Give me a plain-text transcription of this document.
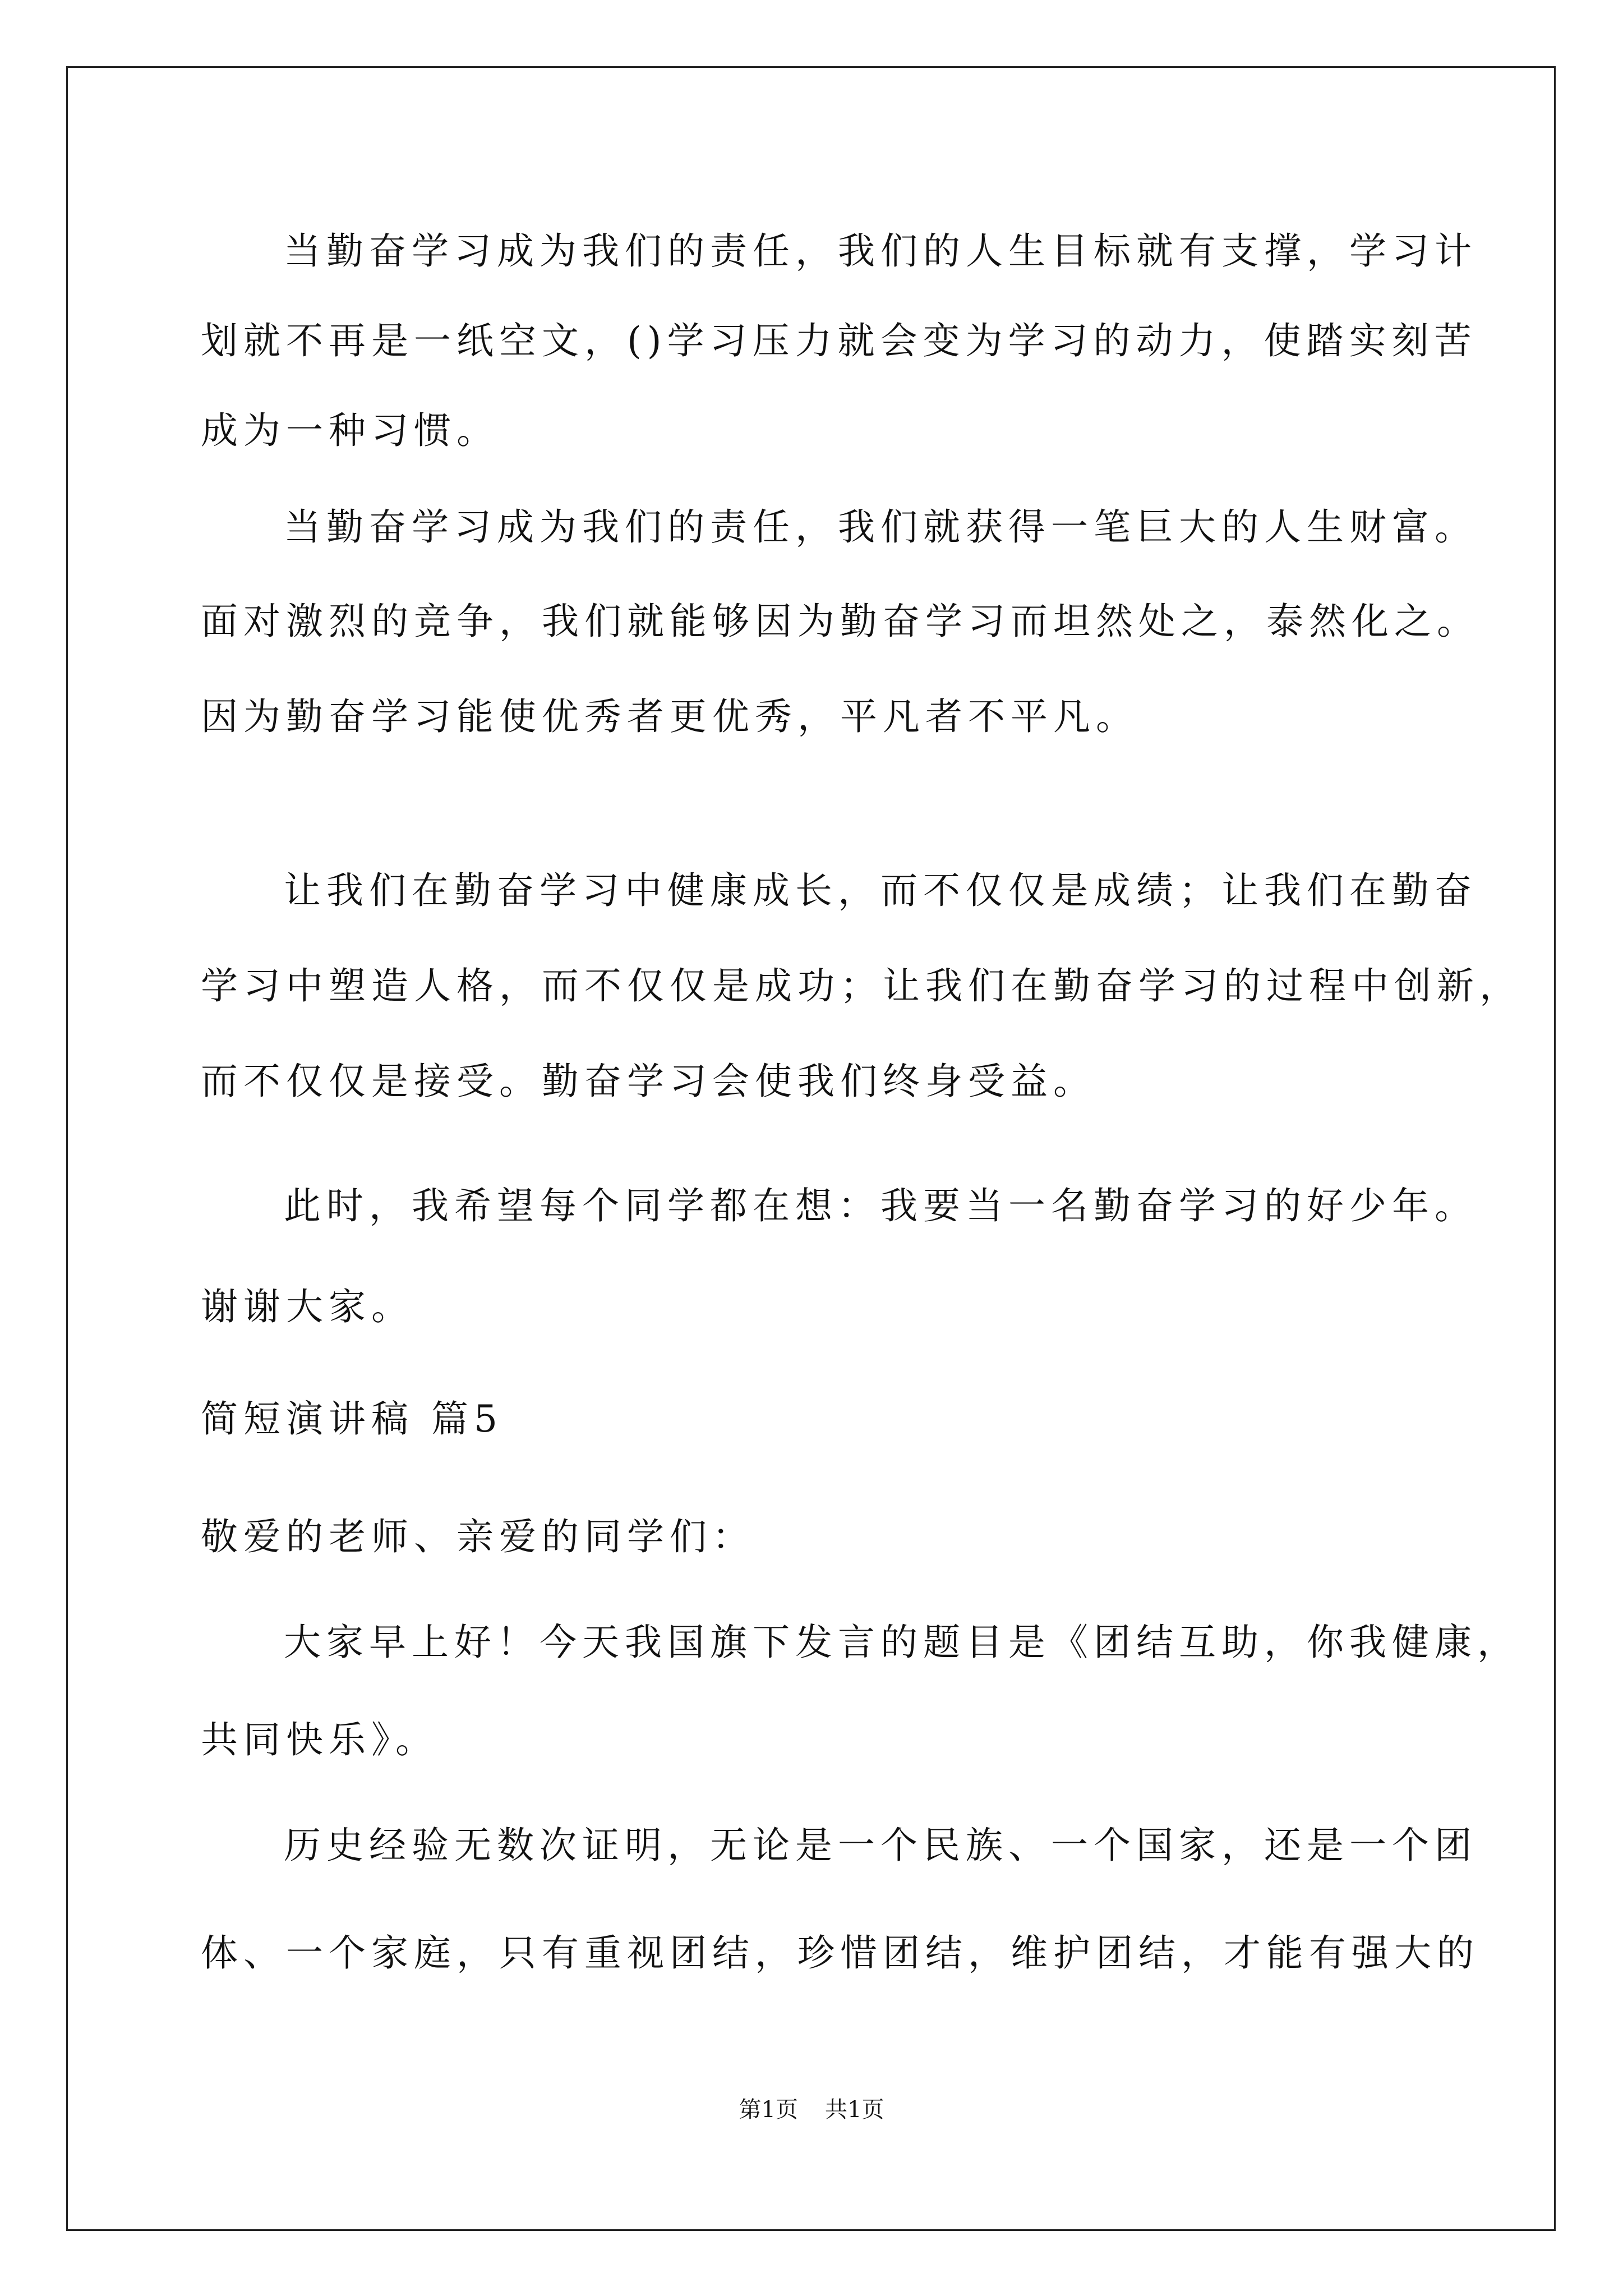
当勤奋学习成为我们的责任，我们的人生目标就有支撑，学习计
划就不再是一纸空文，()学习压力就会变为学习的动力，使踏实刻苦
成为一种习惯。
当勤奋学习成为我们的责任，我们就获得一笔巨大的人生财富。
面对激烈的竞争，我们就能够因为勤奋学习而坦然处之，泰然化之。
因为勤奋学习能使优秀者更优秀，平凡者不平凡。
让我们在勤奋学习中健康成长，而不仅仅是成绩；让我们在勤奋
学习中塑造人格，而不仅仅是成功；让我们在勤奋学习的过程中创新，
而不仅仅是接受。勤奋学习会使我们终身受益。
此时，我希望每个同学都在想：我要当一名勤奋学习的好少年。
谢谢大家。
简短演讲稿 篇5
敬爱的老师、亲爱的同学们：
大家早上好！今天我国旗下发言的题目是《团结互助，你我健康，
共同快乐》。
历史经验无数次证明，无论是一个民族、一个国家，还是一个团
体、一个家庭，只有重视团结，珍惜团结，维护团结，才能有强大的
第1页 共1页
